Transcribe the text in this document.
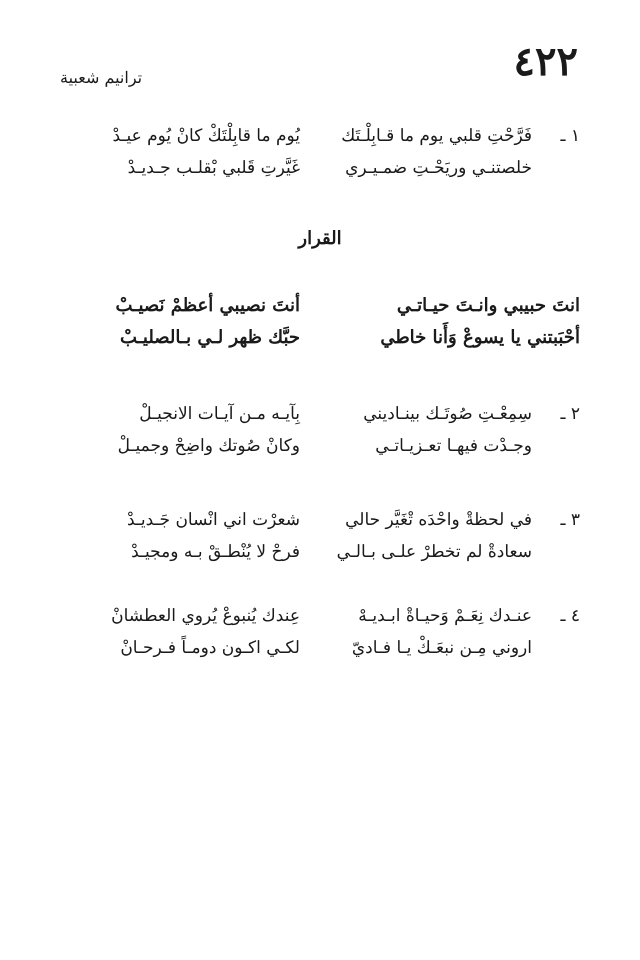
٤٢٢
ترانيم شعبية
١ ـ
فَرَّحْتِ قلبي يوم ما قـابِلْـتَك
يُوم ما قابِلْتَكْ كانْ يُوم عيـدْ
خلصتنـي وريَحْـتِ ضمـيـري
غَيَّرتِ قَلبي بْقلـب جـديـدْ
القرار
انتَ حبيبي وانـتَ حيـاتـي
أنتَ نصيبي أعظمْ نَصيـبْ
أحْبَبتني يا يسوعْ وَأَنا خاطي
حبَّك ظهر لـي بـالصليـبْ
٢ ـ
سِمِعْـتِ صُوتَـك بينـاديني
بِآيـه مـن آيـات الانجيـلْ
وجـدْت فيهـا تعـزيـاتـي
وكانْ صُوتك واضِحْ وجميـلْ
٣ ـ
في لحظةْ واحْدَه تْغَيَّر حالي
شعرْت اني انْسان جَـديـدْ
سعادةْ لم تخطرْ علـى بـالـي
فرحْ لا يُنْطـقْ بـه ومجيـدْ
٤ ـ
عنـدك نِعَـمْ وَحيـاةْ ابـديـهْ
عِندك يُنبوعْ يُروي العطشانْ
اروني مِـن نبعَـكْ يـا فـاديّ
لكـي اكـون دومـاً فـرحـانْ
